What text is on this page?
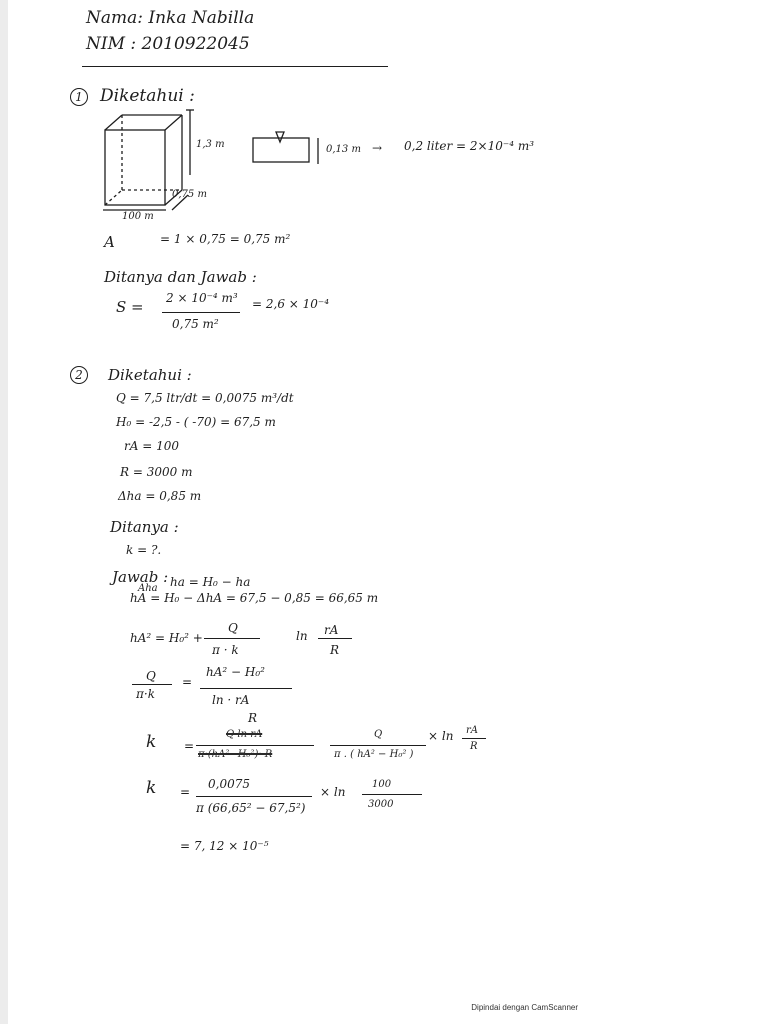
Nama: Inka Nabilla
NIM : 2010922045
1	Diketahui :
1,3 m
0,75 m
100 m
0,13 m → 0,2 liter = 2×10⁻⁴ m³
A	= 1 × 0,75 = 0,75 m²
Ditanya dan Jawab :
S = 2 × 10⁻⁴ m³
0,75 m²
= 2,6 × 10⁻⁴
2	Diketahui :
Q = 7,5 ltr/dt = 0,0075 m³/dt
H₀ = -2,5 - ( -70) = 67,5 m
rA = 100
R = 3000 m
Δha = 0,85 m
Ditanya :
k = ?.
Jawab :
Aha ha = H₀ − ha
hA = H₀ − ΔhA = 67,5 − 0,85 = 66,65 m
hA² = H₀² +
Q
π · k
ln rA
R
Q
π·k
=
hA² − H₀²
ln · rA
R
k =
Q ln rA
π·(hA²−H₀²)· R
Q
π . ( hA² − H₀² )
× ln rA
R
k =
0,0075
π (66,65² − 67,5²)
× ln
100
3000
= 7, 12 × 10⁻⁵
Dipindai dengan CamScanner
